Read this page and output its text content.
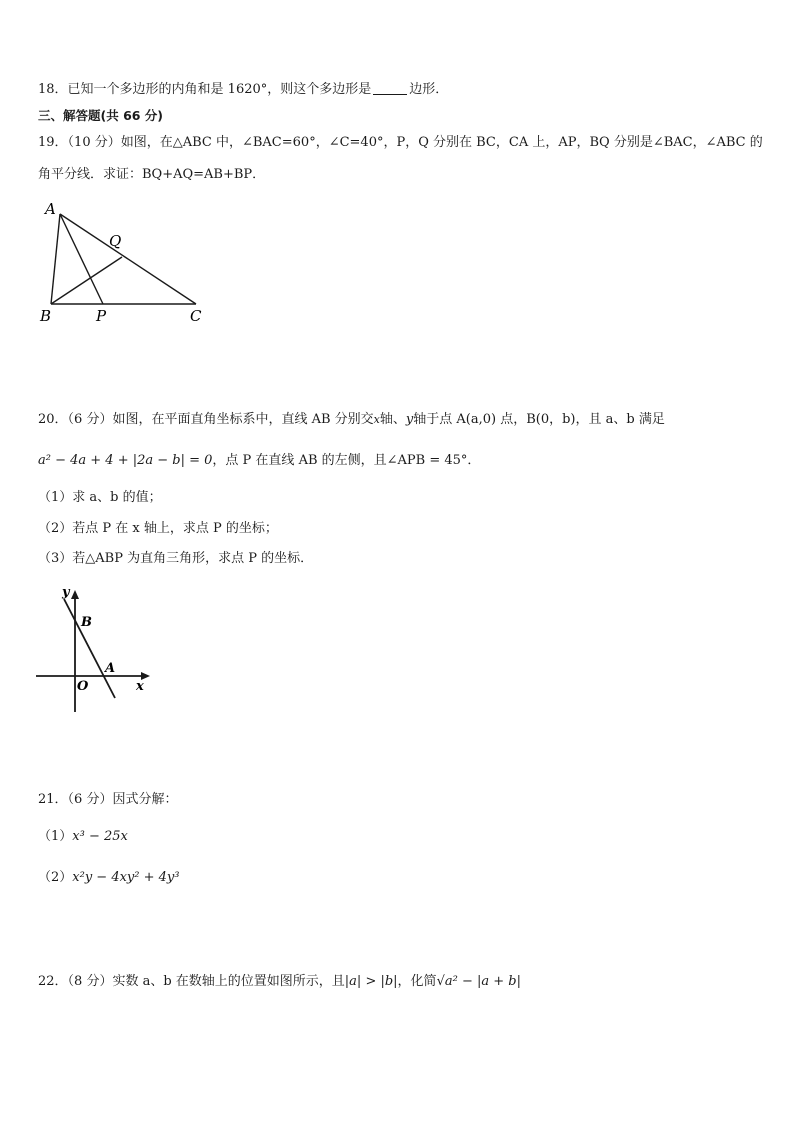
18．已知一个多边形的内角和是 1620°，则这个多边形是	边形．
三、解答题(共 66 分)
19．（10 分）如图，在△ABC 中，∠BAC=60°，∠C=40°，P，Q 分别在 BC，CA 上，AP，BQ 分别是∠BAC，∠ABC 的
角平分线．求证：BQ+AQ=AB+BP．
A
Q
B	P	C
20．（6 分）如图，在平面直角坐标系中，直线 AB 分别交x轴、y轴于点 A(a,0) 点，B(0，b)，且 a、b 满足
a² − 4a + 4 + |2a − b| = 0，点 P 在直线 AB 的左侧，且∠APB = 45°．
（1）求 a、b 的值；
（2）若点 P 在 x 轴上，求点 P 的坐标；
（3）若△ABP 为直角三角形，求点 P 的坐标．
y
B
A
O	x
21．（6 分）因式分解：
（1）x³ − 25x
（2）x²y − 4xy² + 4y³
22．（8 分）实数 a、b 在数轴上的位置如图所示，且|a| > |b|，化简√a² − |a + b|
